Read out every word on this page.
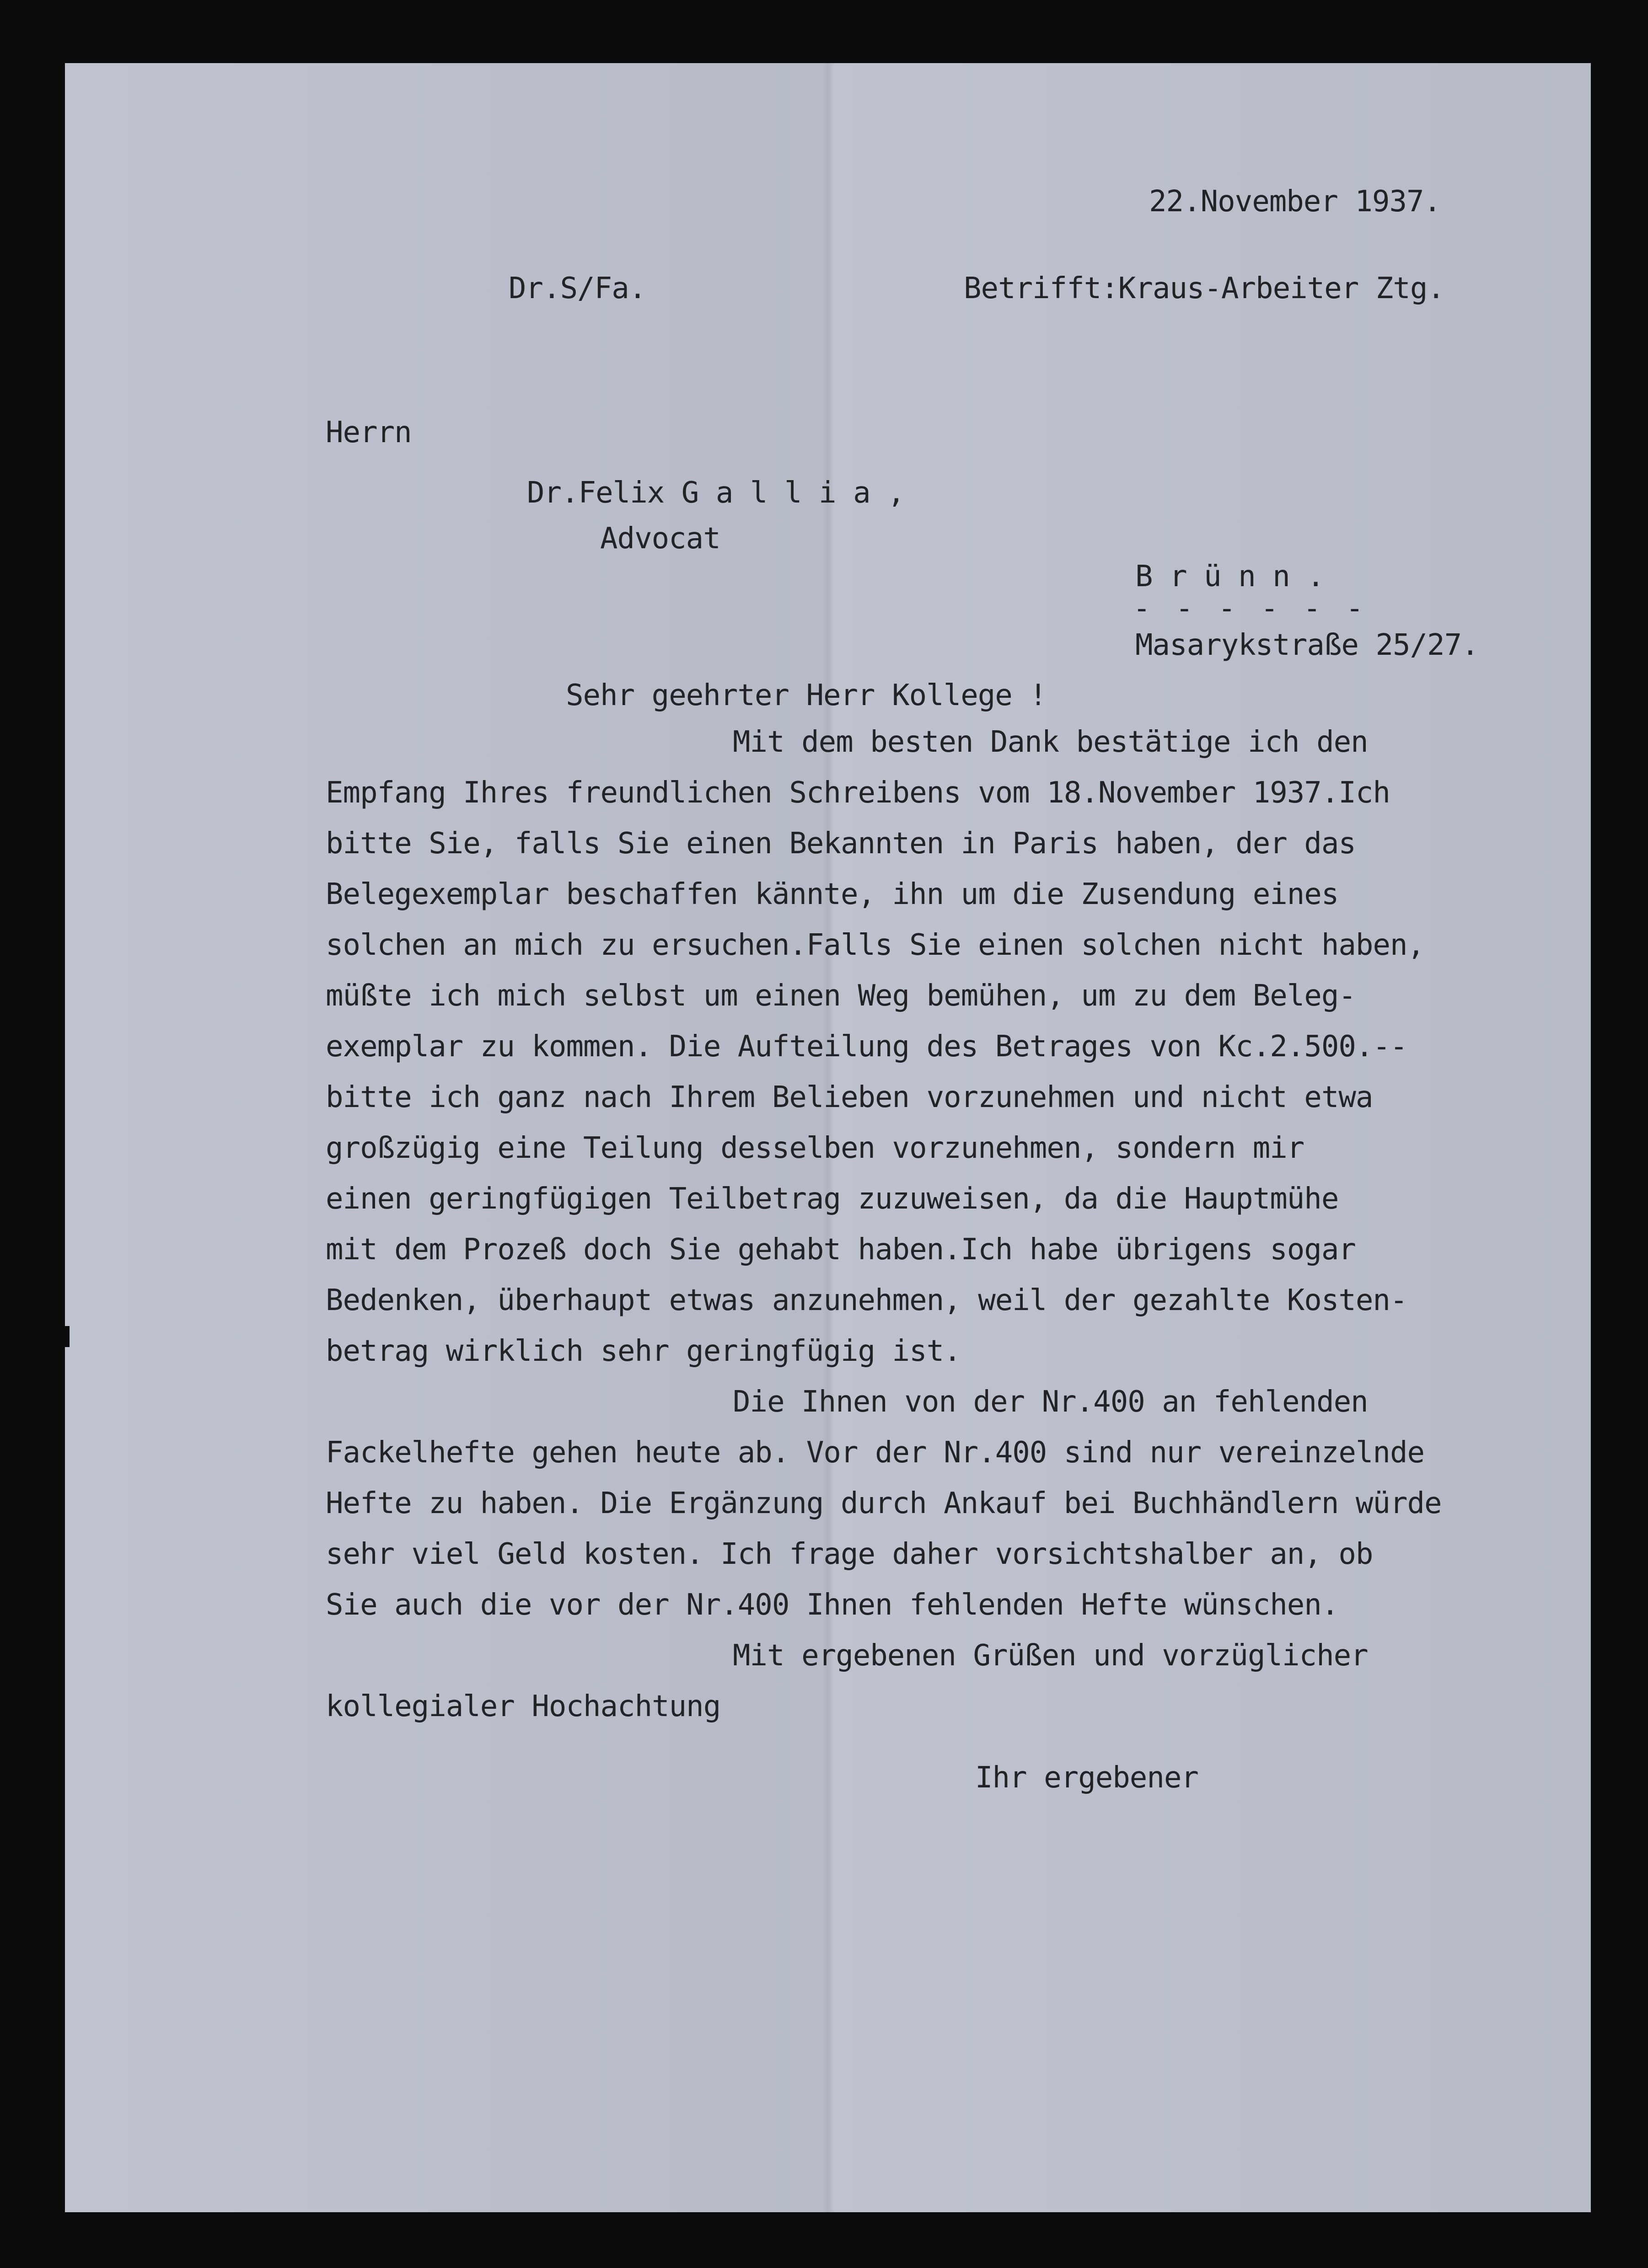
22.November 1937.

Dr.S/Fa.	Betrifft:Kraus-Arbeiter Ztg.

Herrn

Dr.Felix G a l l i a ,

Advocat

B r ü n n .

- - - - - -

Masarykstraße 25/27.

Sehr geehrter Herr Kollege !

Mit dem besten Dank bestätige ich den

Empfang Ihres freundlichen Schreibens vom 18.November 1937.Ich

bitte Sie, falls Sie einen Bekannten in Paris haben, der das

Belegexemplar beschaffen kännte, ihn um die Zusendung eines

solchen an mich zu ersuchen.Falls Sie einen solchen nicht haben,

müßte ich mich selbst um einen Weg bemühen, um zu dem Beleg-

exemplar zu kommen. Die Aufteilung des Betrages von Kc.2.500.--

bitte ich ganz nach Ihrem Belieben vorzunehmen und nicht etwa

großzügig eine Teilung desselben vorzunehmen, sondern mir

einen geringfügigen Teilbetrag zuzuweisen, da die Hauptmühe

mit dem Prozeß doch Sie gehabt haben.Ich habe übrigens sogar

Bedenken, überhaupt etwas anzunehmen, weil der gezahlte Kosten-

betrag wirklich sehr geringfügig ist.

Die Ihnen von der Nr.400 an fehlenden

Fackelhefte gehen heute ab. Vor der Nr.400 sind nur vereinzelnde

Hefte zu haben. Die Ergänzung durch Ankauf bei Buchhändlern würde

sehr viel Geld kosten. Ich frage daher vorsichtshalber an, ob

Sie auch die vor der Nr.400 Ihnen fehlenden Hefte wünschen.

Mit ergebenen Grüßen und vorzüglicher

kollegialer Hochachtung

Ihr ergebener
